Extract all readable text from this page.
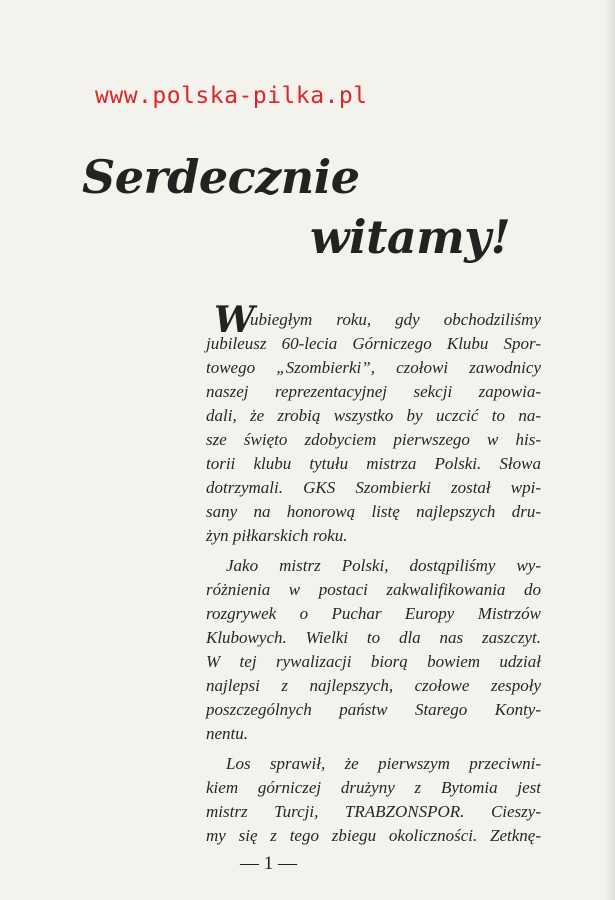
www.polska-pilka.pl
Serdecznie
witamy!
W
ubiegłym roku, gdy obchodziliśmy
jubileusz 60-lecia Górniczego Klubu Spor-
towego „Szombierki”, czołowi zawodnicy
naszej reprezentacyjnej sekcji zapowia-
dali, że zrobią wszystko by uczcić to na-
sze święto zdobyciem pierwszego w his-
torii klubu tytułu mistrza Polski. Słowa
dotrzymali. GKS Szombierki został wpi-
sany na honorową listę najlepszych dru-
żyn piłkarskich roku.
Jako mistrz Polski, dostąpiliśmy wy-
różnienia w postaci zakwalifikowania do
rozgrywek o Puchar Europy Mistrzów
Klubowych. Wielki to dla nas zaszczyt.
W tej rywalizacji biorą bowiem udział
najlepsi z najlepszych, czołowe zespoły
poszczególnych państw Starego Konty-
nentu.
Los sprawił, że pierwszym przeciwni-
kiem górniczej drużyny z Bytomia jest
mistrz Turcji, TRABZONSPOR. Cieszy-
my się z tego zbiegu okoliczności. Zetknę-
— 1 —
